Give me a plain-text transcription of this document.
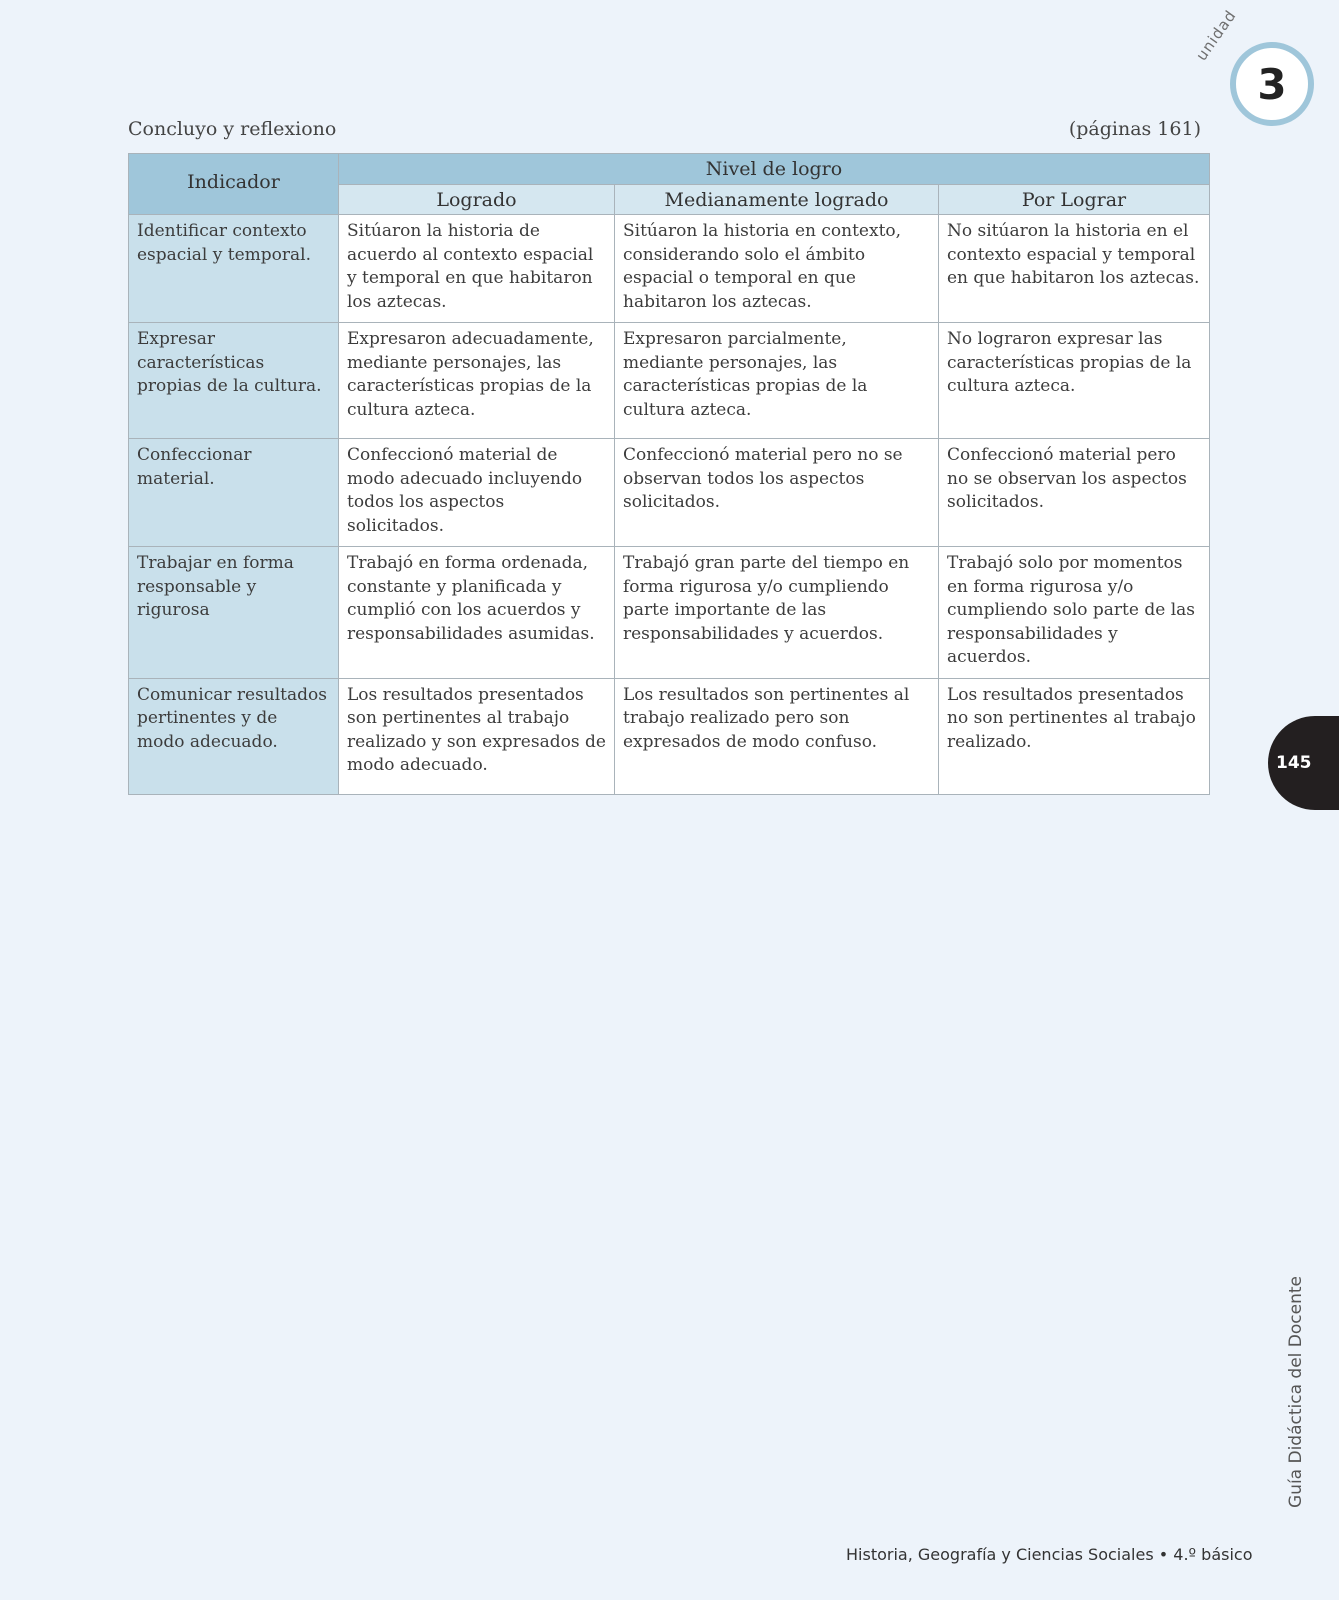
unidad
3
Concluyo y reflexiono	(páginas 161)
Indicador	Nivel de logro		
	Logrado	Medianamente logrado	Por Lograr
Identificar contexto espacial y temporal.	Sitúaron la historia de acuerdo al contexto espacial y temporal en que habitaron los aztecas.	Sitúaron la historia en contexto, considerando solo el ámbito espacial o temporal en que habitaron los aztecas.	No sitúaron la historia en el contexto espacial y temporal en que habitaron los aztecas.
Expresar características propias de la cultura.	Expresaron adecuadamente, mediante personajes, las características propias de la cultura azteca.	Expresaron parcialmente, mediante personajes, las características propias de la cultura azteca.	No lograron expresar las características propias de la cultura azteca.
Confeccionar material.	Confeccionó material de modo adecuado incluyendo todos los aspectos solicitados.	Confeccionó material pero no se observan todos los aspectos solicitados.	Confeccionó material pero no se observan los aspectos solicitados.
Trabajar en forma responsable y rigurosa	Trabajó en forma ordenada, constante y planificada y cumplió con los acuerdos y responsabilidades asumidas.	Trabajó gran parte del tiempo en forma rigurosa y/o cumpliendo parte importante de las responsabilidades y acuerdos.	Trabajó solo por momentos en forma rigurosa y/o cumpliendo solo parte de las responsabilidades y acuerdos.
Comunicar resultados pertinentes y de modo adecuado.	Los resultados presentados son pertinentes al trabajo realizado y son expresados de modo adecuado.	Los resultados son pertinentes al trabajo realizado pero son expresados de modo confuso.	Los resultados presentados no son pertinentes al trabajo realizado.
145
Guía Didáctica del Docente
Historia, Geografía y Ciencias Sociales • 4.º básico
